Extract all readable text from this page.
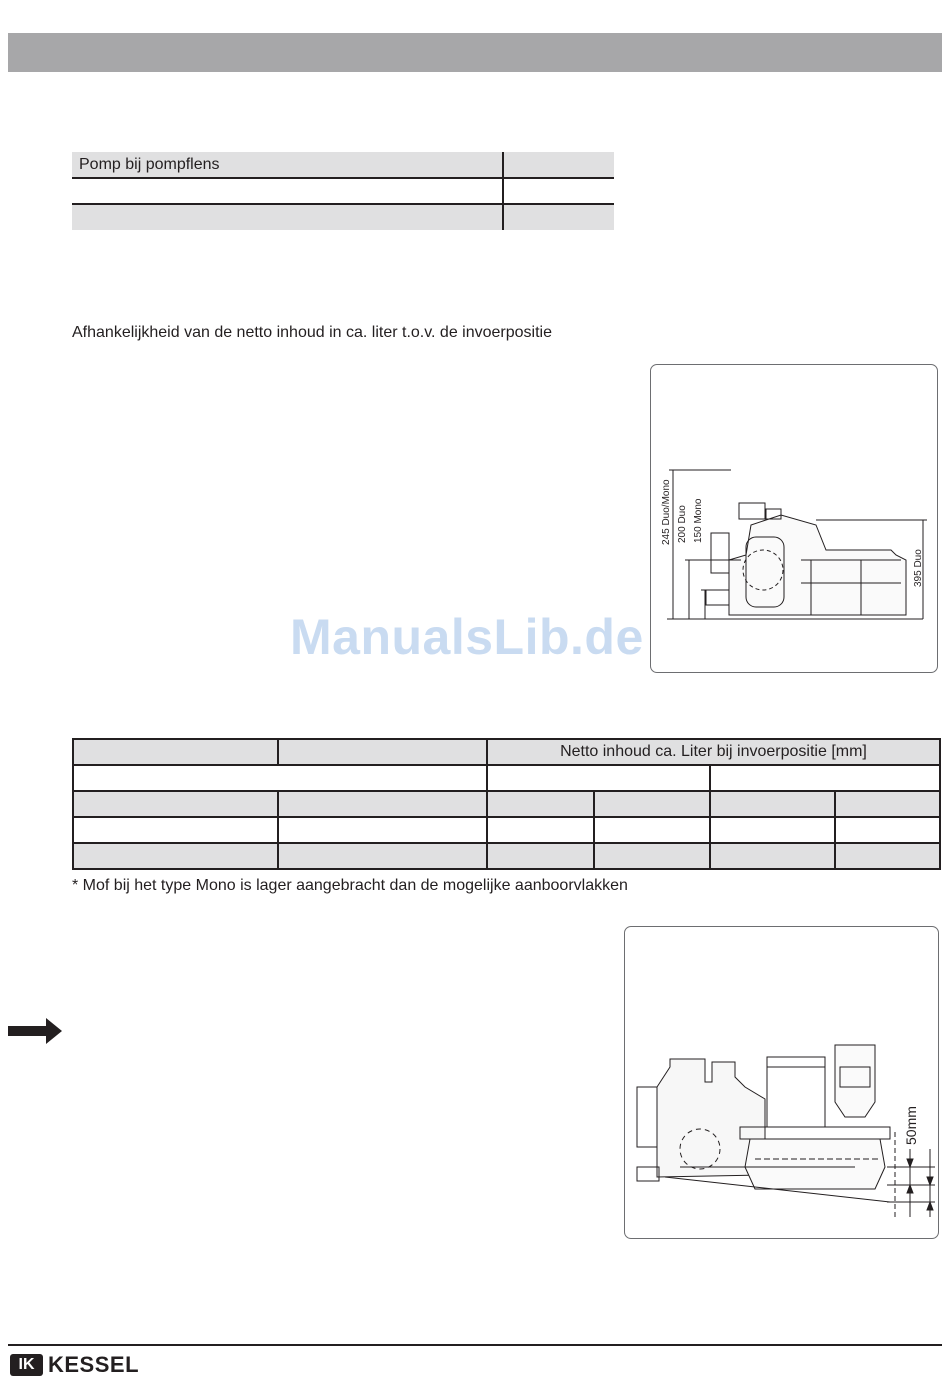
Pomp bij pompflens	

Afhankelijkheid van de netto inhoud in ca. liter t.o.v. de invoerpositie
245 Duo/Mono 200 Duo 150 Mono
395 Duo
ManualsLib.de
		Netto inhoud ca. Liter bij invoerpositie [mm]			

* Mof bij het type Mono is lager aangebracht dan de mogelijke aanboorvlakken
50mm
IK KESSEL
